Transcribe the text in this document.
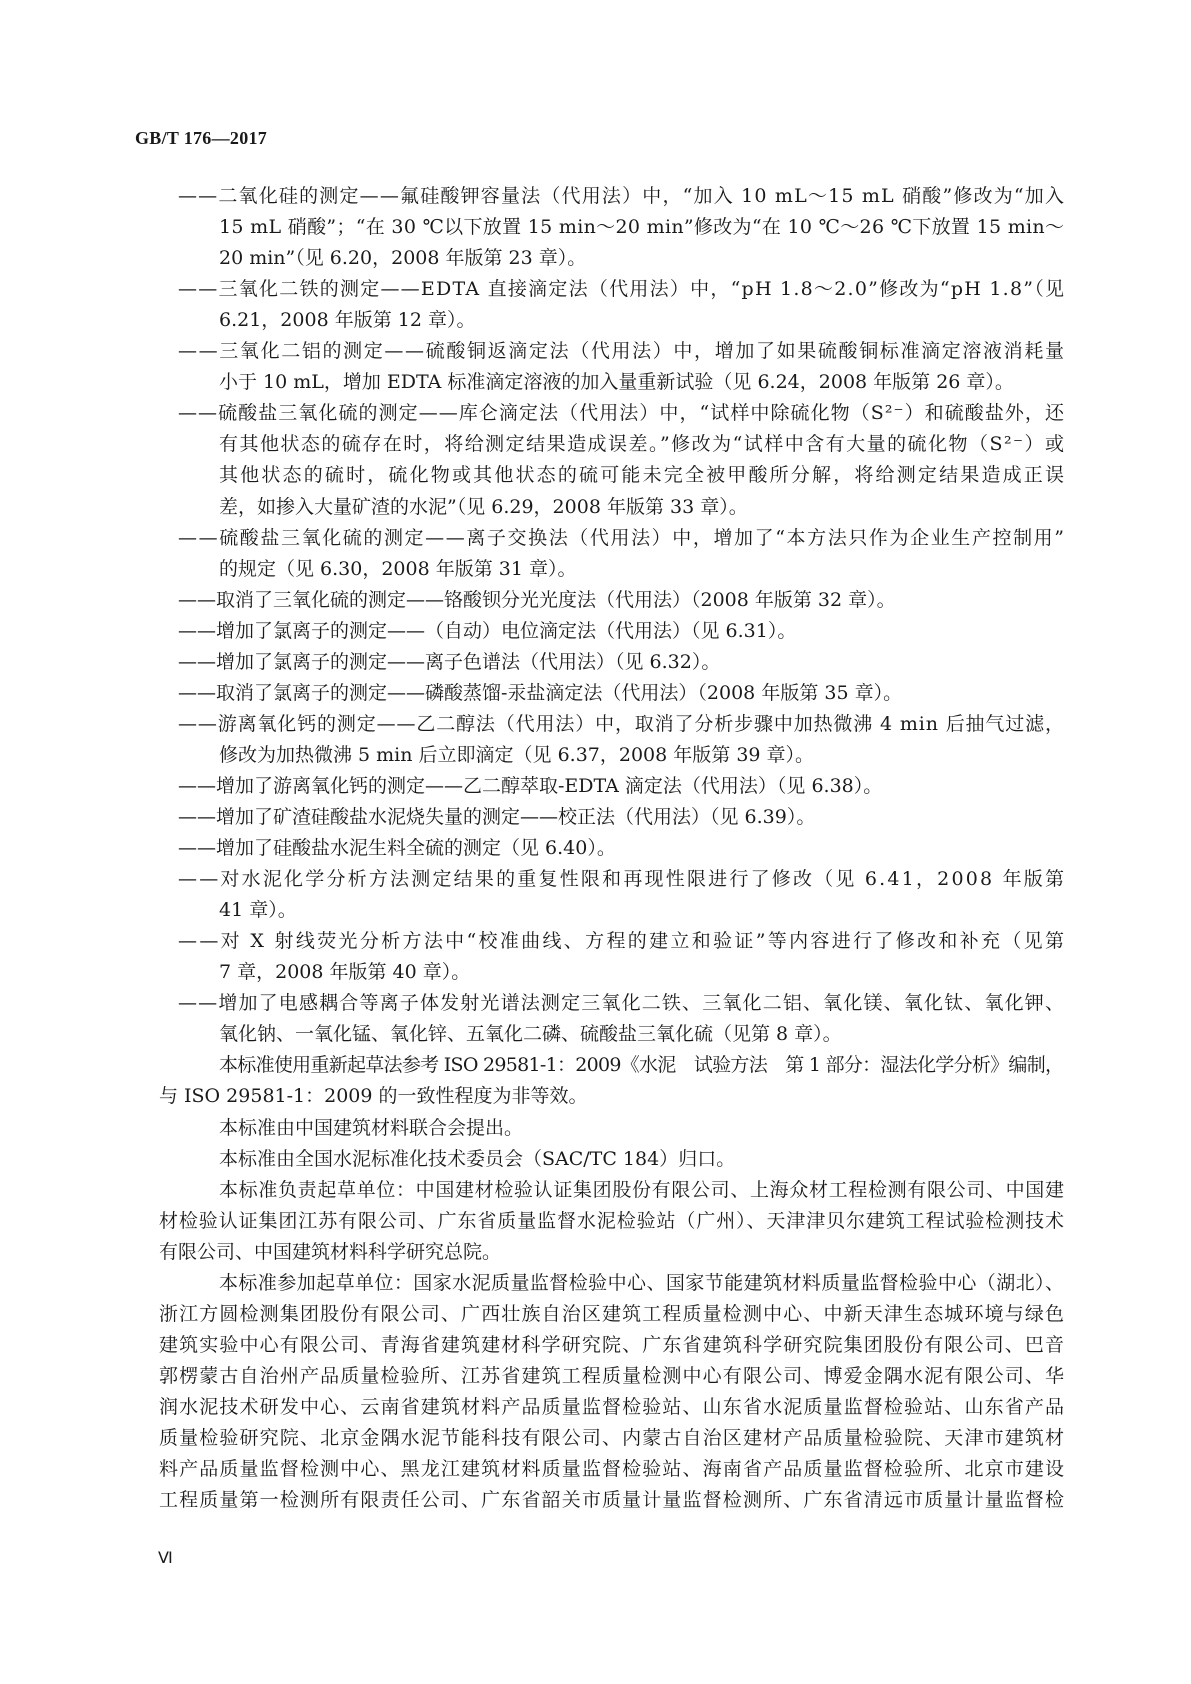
GB/T 176—2017
——二氧化硅的测定——氟硅酸钾容量法（代用法）中，“加入 10 mL～15 mL 硝酸”修改为“加入
15 mL 硝酸”；“在 30 ℃以下放置 15 min～20 min”修改为“在 10 ℃～26 ℃下放置 15 min～
20 min”（见 6.20，2008 年版第 23 章）。
——三氧化二铁的测定——EDTA 直接滴定法（代用法）中，“pH 1.8～2.0”修改为“pH 1.8”（见
6.21，2008 年版第 12 章）。
——三氧化二铝的测定——硫酸铜返滴定法（代用法）中，增加了如果硫酸铜标准滴定溶液消耗量
小于 10 mL，增加 EDTA 标准滴定溶液的加入量重新试验（见 6.24，2008 年版第 26 章）。
——硫酸盐三氧化硫的测定——库仑滴定法（代用法）中，“试样中除硫化物（S²⁻）和硫酸盐外，还
有其他状态的硫存在时，将给测定结果造成误差。”修改为“试样中含有大量的硫化物（S²⁻）或
其他状态的硫时，硫化物或其他状态的硫可能未完全被甲酸所分解，将给测定结果造成正误
差，如掺入大量矿渣的水泥”（见 6.29，2008 年版第 33 章）。
——硫酸盐三氧化硫的测定——离子交换法（代用法）中，增加了“本方法只作为企业生产控制用”
的规定（见 6.30，2008 年版第 31 章）。
——取消了三氧化硫的测定——铬酸钡分光光度法（代用法）（2008 年版第 32 章）。
——增加了氯离子的测定——（自动）电位滴定法（代用法）（见 6.31）。
——增加了氯离子的测定——离子色谱法（代用法）（见 6.32）。
——取消了氯离子的测定——磷酸蒸馏-汞盐滴定法（代用法）（2008 年版第 35 章）。
——游离氧化钙的测定——乙二醇法（代用法）中，取消了分析步骤中加热微沸 4 min 后抽气过滤，
修改为加热微沸 5 min 后立即滴定（见 6.37，2008 年版第 39 章）。
——增加了游离氧化钙的测定——乙二醇萃取-EDTA 滴定法（代用法）（见 6.38）。
——增加了矿渣硅酸盐水泥烧失量的测定——校正法（代用法）（见 6.39）。
——增加了硅酸盐水泥生料全硫的测定（见 6.40）。
——对水泥化学分析方法测定结果的重复性限和再现性限进行了修改（见 6.41，2008 年版第
41 章）。
——对 X 射线荧光分析方法中“校准曲线、方程的建立和验证”等内容进行了修改和补充（见第
7 章，2008 年版第 40 章）。
——增加了电感耦合等离子体发射光谱法测定三氧化二铁、三氧化二铝、氧化镁、氧化钛、氧化钾、
氧化钠、一氧化锰、氧化锌、五氧化二磷、硫酸盐三氧化硫（见第 8 章）。
本标准使用重新起草法参考 ISO 29581-1：2009《水泥　试验方法　第 1 部分：湿法化学分析》编制，
与 ISO 29581-1：2009 的一致性程度为非等效。
本标准由中国建筑材料联合会提出。
本标准由全国水泥标准化技术委员会（SAC/TC 184）归口。
本标准负责起草单位：中国建材检验认证集团股份有限公司、上海众材工程检测有限公司、中国建
材检验认证集团江苏有限公司、广东省质量监督水泥检验站（广州）、天津津贝尔建筑工程试验检测技术
有限公司、中国建筑材料科学研究总院。
本标准参加起草单位：国家水泥质量监督检验中心、国家节能建筑材料质量监督检验中心（湖北）、
浙江方圆检测集团股份有限公司、广西壮族自治区建筑工程质量检测中心、中新天津生态城环境与绿色
建筑实验中心有限公司、青海省建筑建材科学研究院、广东省建筑科学研究院集团股份有限公司、巴音
郭楞蒙古自治州产品质量检验所、江苏省建筑工程质量检测中心有限公司、博爱金隅水泥有限公司、华
润水泥技术研发中心、云南省建筑材料产品质量监督检验站、山东省水泥质量监督检验站、山东省产品
质量检验研究院、北京金隅水泥节能科技有限公司、内蒙古自治区建材产品质量检验院、天津市建筑材
料产品质量监督检测中心、黑龙江建筑材料质量监督检验站、海南省产品质量监督检验所、北京市建设
工程质量第一检测所有限责任公司、广东省韶关市质量计量监督检测所、广东省清远市质量计量监督检
Ⅵ
